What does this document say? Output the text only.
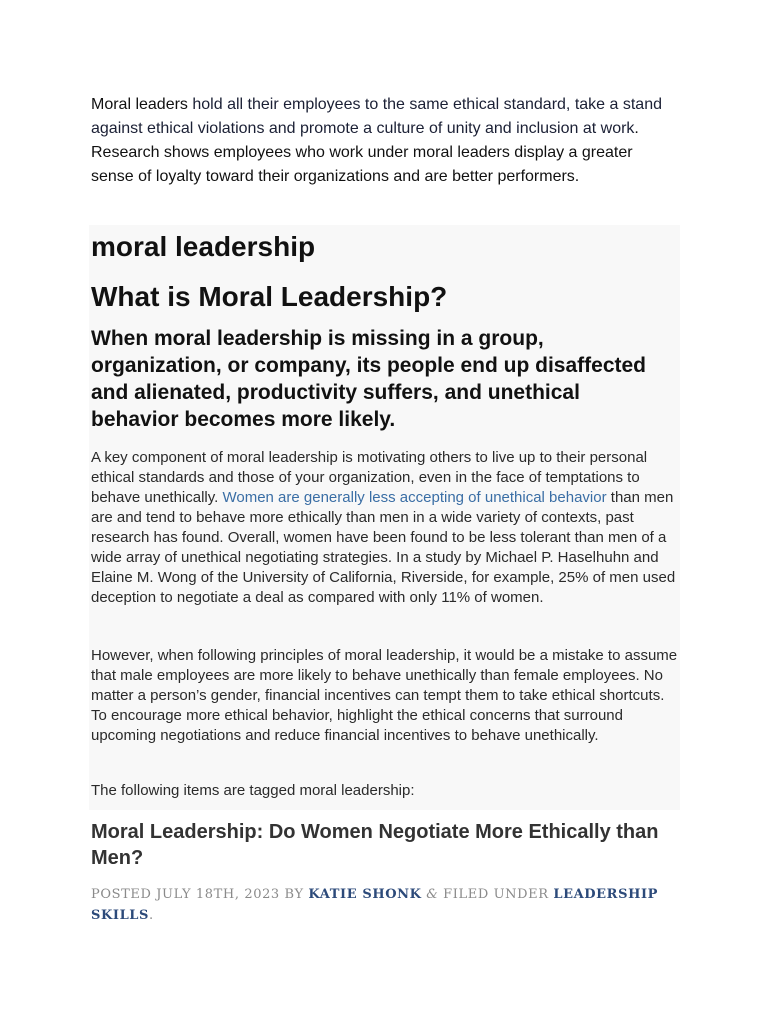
Moral leaders hold all their employees to the same ethical standard, take a stand against ethical violations and promote a culture of unity and inclusion at work. Research shows employees who work under moral leaders display a greater sense of loyalty toward their organizations and are better performers.

moral leadership
What is Moral Leadership?
When moral leadership is missing in a group, organization, or company, its people end up disaffected and alienated, productivity suffers, and unethical behavior becomes more likely.

A key component of moral leadership is motivating others to live up to their personal ethical standards and those of your organization, even in the face of temptations to behave unethically. Women are generally less accepting of unethical behavior than men are and tend to behave more ethically than men in a wide variety of contexts, past research has found. Overall, women have been found to be less tolerant than men of a wide array of unethical negotiating strategies. In a study by Michael P. Haselhuhn and Elaine M. Wong of the University of California, Riverside, for example, 25% of men used deception to negotiate a deal as compared with only 11% of women.

However, when following principles of moral leadership, it would be a mistake to assume that male employees are more likely to behave unethically than female employees. No matter a person’s gender, financial incentives can tempt them to take ethical shortcuts. To encourage more ethical behavior, highlight the ethical concerns that surround upcoming negotiations and reduce financial incentives to behave unethically.

The following items are tagged moral leadership:

Moral Leadership: Do Women Negotiate More Ethically than Men?

POSTED JULY 18TH, 2023 BY KATIE SHONK & FILED UNDER LEADERSHIP SKILLS.
